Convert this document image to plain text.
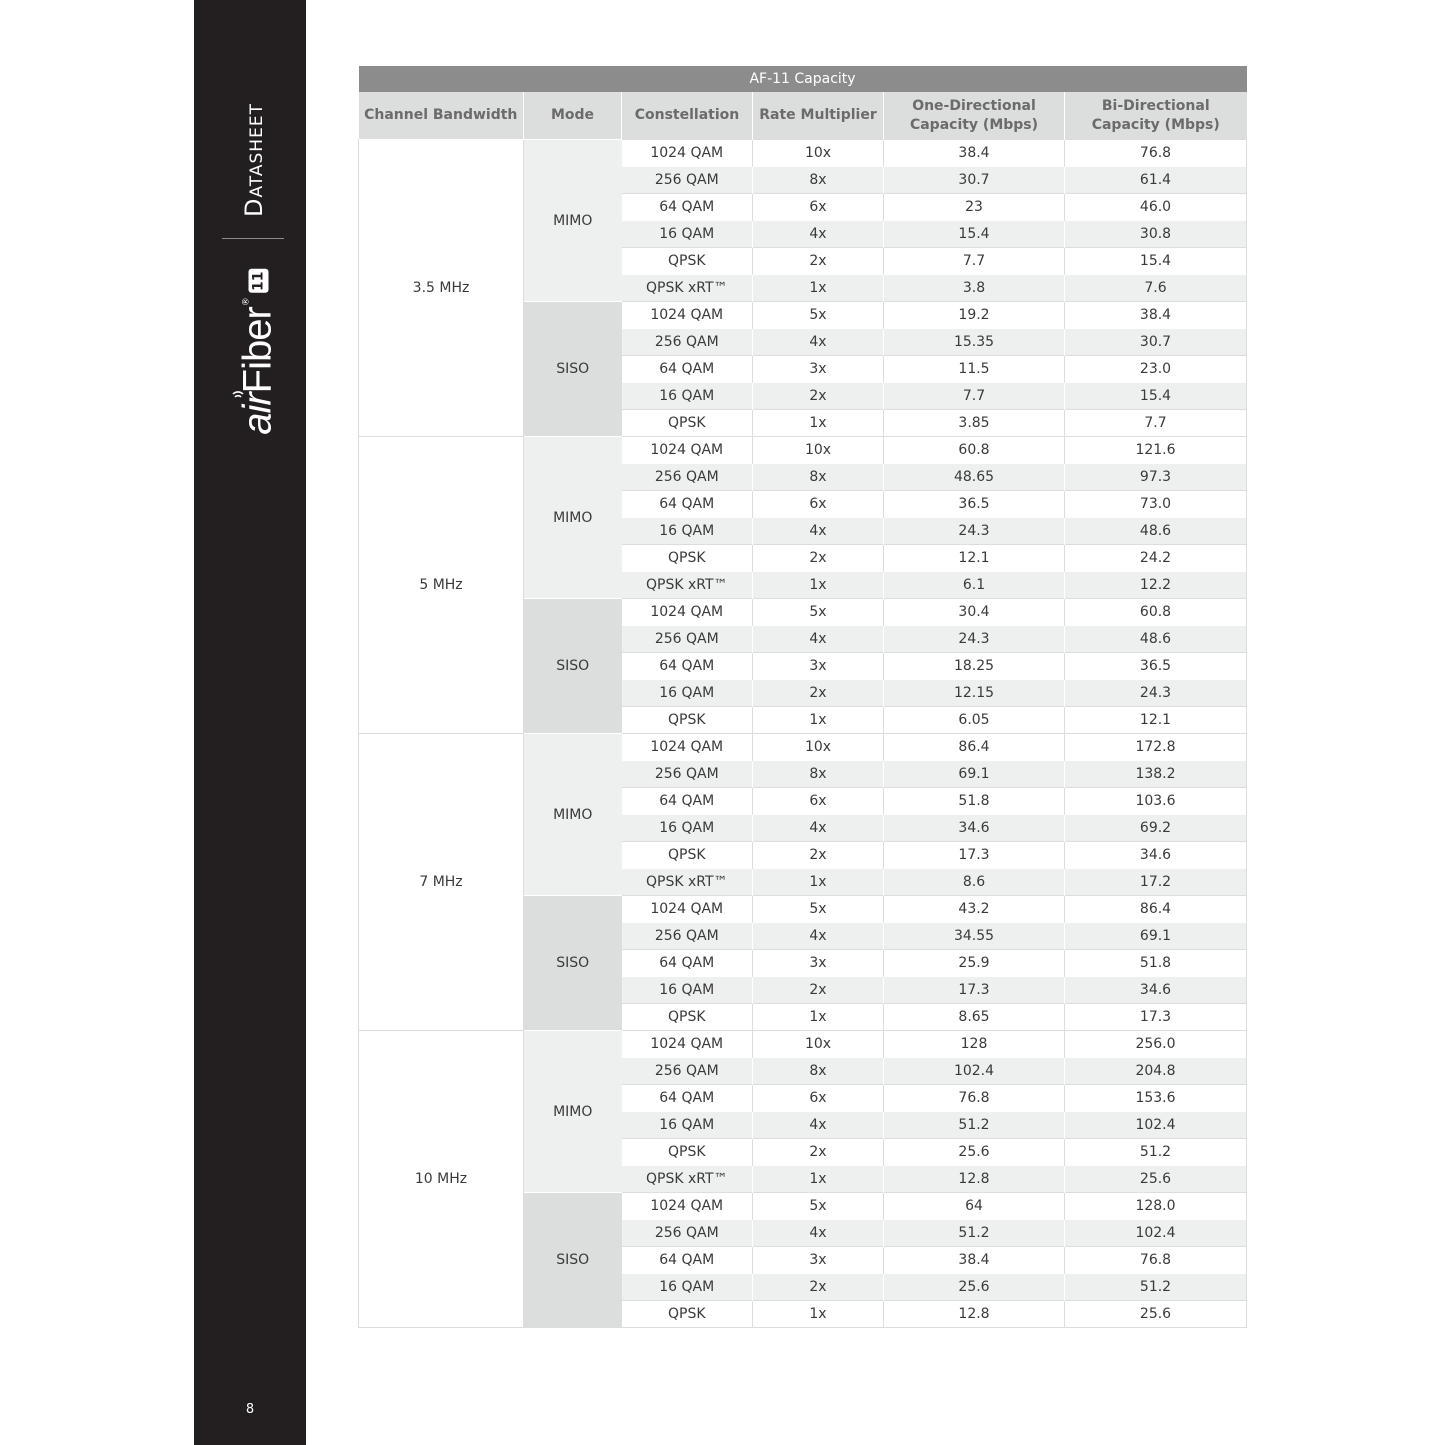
Datasheet
air
Fiber
®
11
8
AF-11 Capacity					
Channel Bandwidth	Mode	Constellation	Rate Multiplier	One-Directional
Capacity (Mbps)	Bi-Directional
Capacity (Mbps)
3.5 MHz	MIMO	1024 QAM	10x	38.4	76.8
		256 QAM	8x	30.7	61.4
		64 QAM	6x	23	46.0
		16 QAM	4x	15.4	30.8
		QPSK	2x	7.7	15.4
		QPSK xRT™	1x	3.8	7.6
	SISO	1024 QAM	5x	19.2	38.4
		256 QAM	4x	15.35	30.7
		64 QAM	3x	11.5	23.0
		16 QAM	2x	7.7	15.4
		QPSK	1x	3.85	7.7
5 MHz	MIMO	1024 QAM	10x	60.8	121.6
		256 QAM	8x	48.65	97.3
		64 QAM	6x	36.5	73.0
		16 QAM	4x	24.3	48.6
		QPSK	2x	12.1	24.2
		QPSK xRT™	1x	6.1	12.2
	SISO	1024 QAM	5x	30.4	60.8
		256 QAM	4x	24.3	48.6
		64 QAM	3x	18.25	36.5
		16 QAM	2x	12.15	24.3
		QPSK	1x	6.05	12.1
7 MHz	MIMO	1024 QAM	10x	86.4	172.8
		256 QAM	8x	69.1	138.2
		64 QAM	6x	51.8	103.6
		16 QAM	4x	34.6	69.2
		QPSK	2x	17.3	34.6
		QPSK xRT™	1x	8.6	17.2
	SISO	1024 QAM	5x	43.2	86.4
		256 QAM	4x	34.55	69.1
		64 QAM	3x	25.9	51.8
		16 QAM	2x	17.3	34.6
		QPSK	1x	8.65	17.3
10 MHz	MIMO	1024 QAM	10x	128	256.0
		256 QAM	8x	102.4	204.8
		64 QAM	6x	76.8	153.6
		16 QAM	4x	51.2	102.4
		QPSK	2x	25.6	51.2
		QPSK xRT™	1x	12.8	25.6
	SISO	1024 QAM	5x	64	128.0
		256 QAM	4x	51.2	102.4
		64 QAM	3x	38.4	76.8
		16 QAM	2x	25.6	51.2
		QPSK	1x	12.8	25.6
